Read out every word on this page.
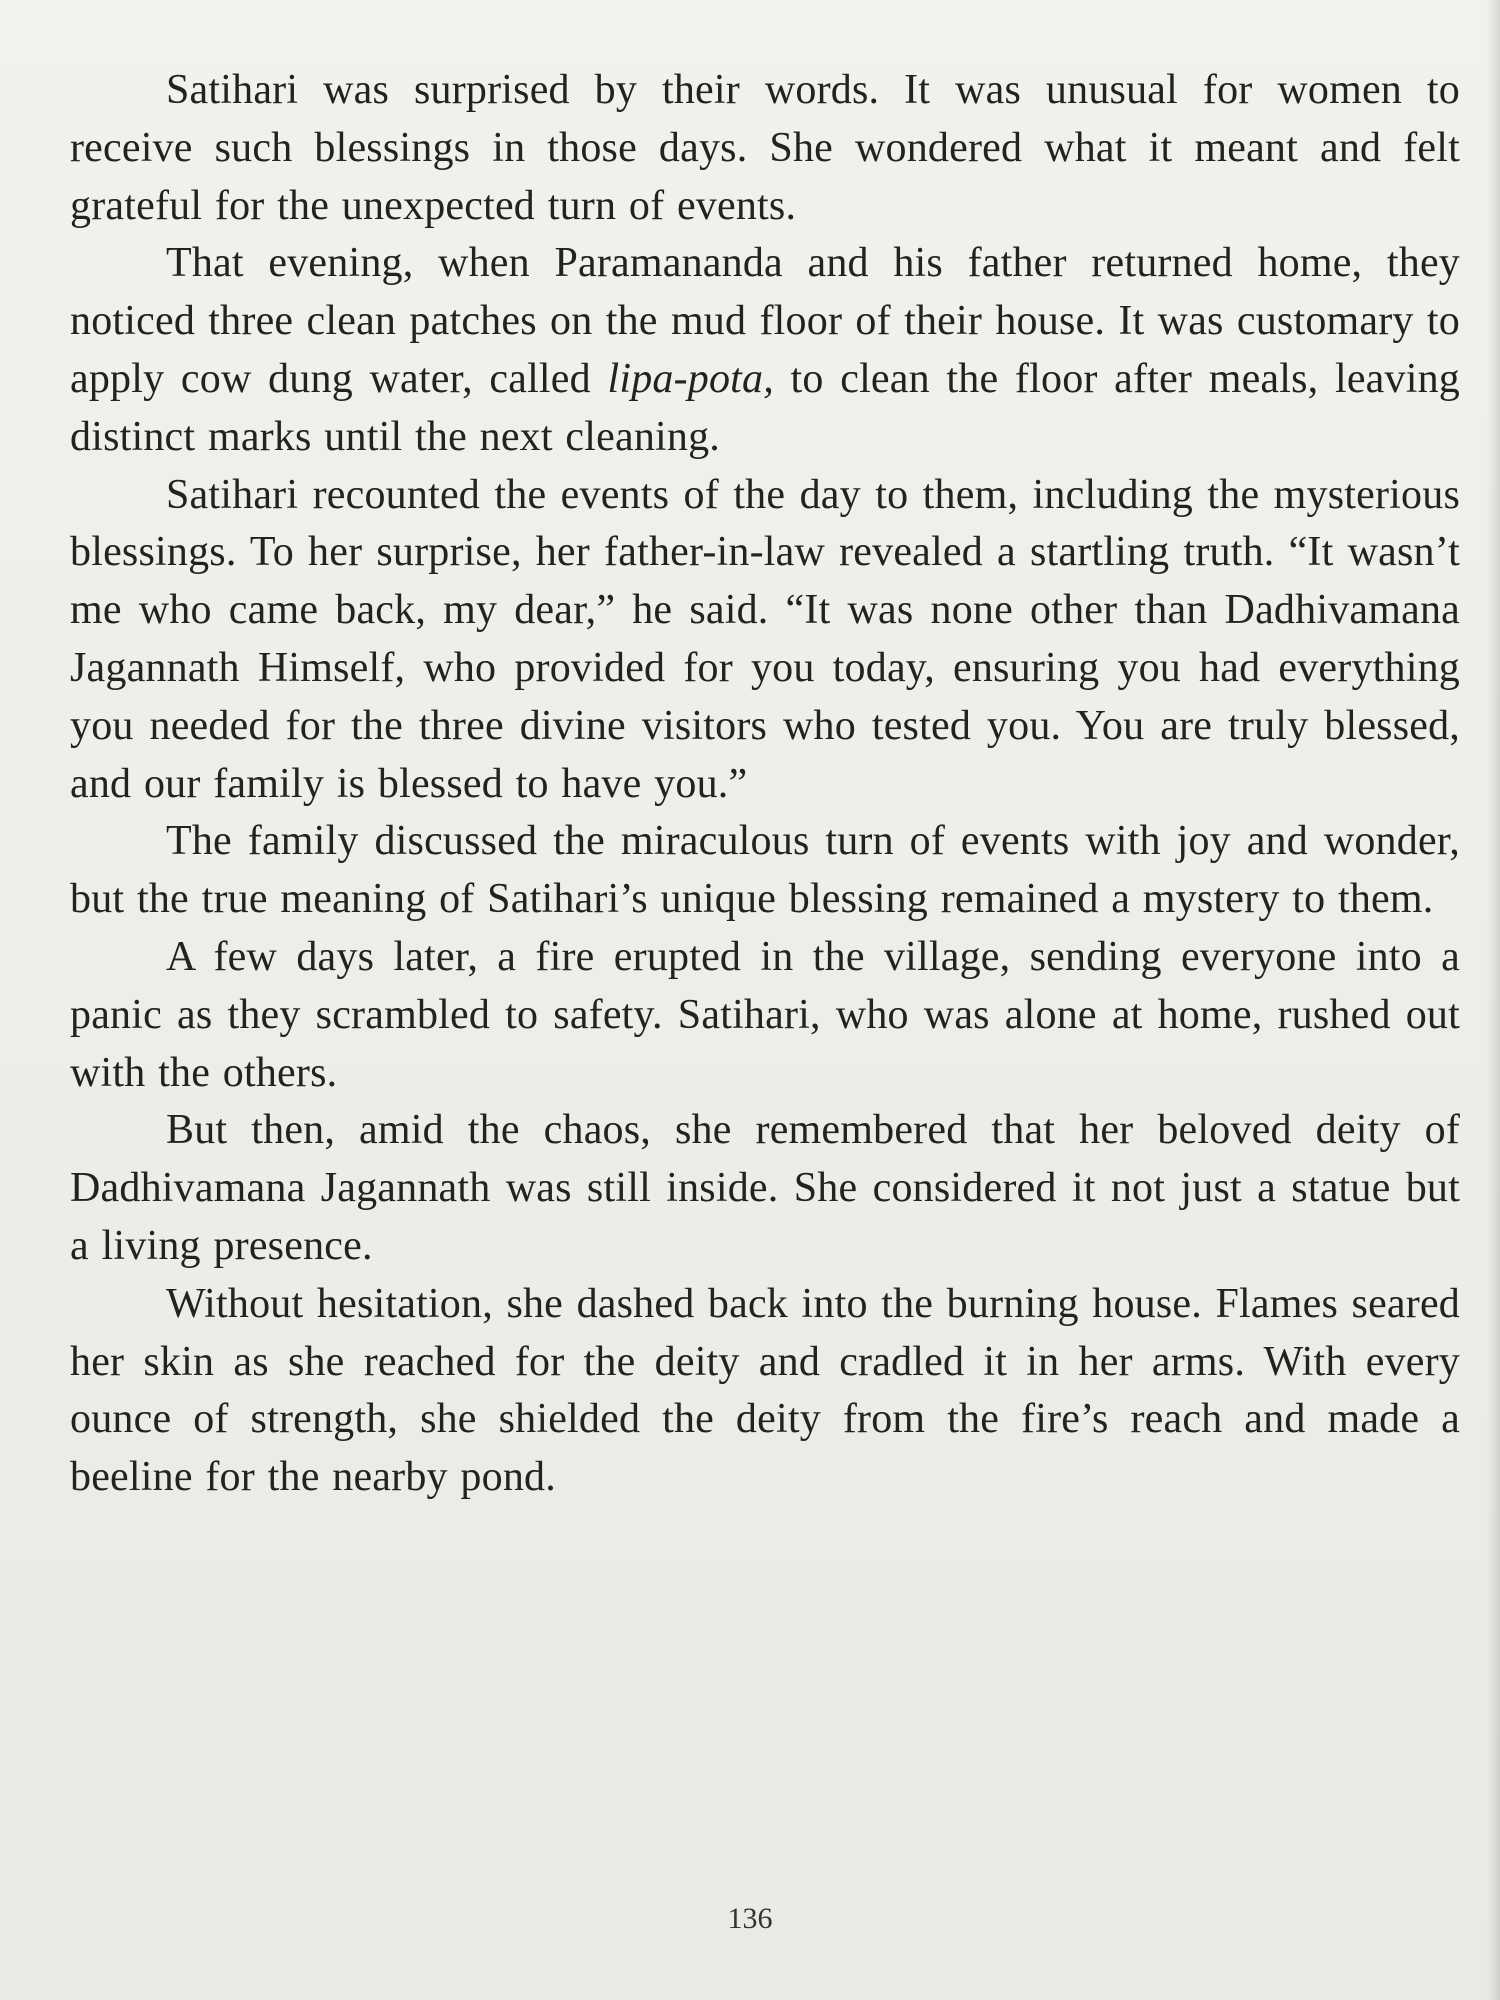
Satihari was surprised by their words. It was unusual for women to receive such blessings in those days. She wondered what it meant and felt grateful for the unexpected turn of events.

That evening, when Paramananda and his father returned home, they noticed three clean patches on the mud floor of their house. It was customary to apply cow dung water, called lipa-pota, to clean the floor after meals, leaving distinct marks until the next cleaning.

Satihari recounted the events of the day to them, including the mysterious blessings. To her surprise, her father-in-law revealed a startling truth. “It wasn’t me who came back, my dear,” he said. “It was none other than Dadhivamana Jagannath Himself, who provided for you today, ensuring you had everything you needed for the three divine visitors who tested you. You are truly blessed, and our family is blessed to have you.”

The family discussed the miraculous turn of events with joy and wonder, but the true meaning of Satihari’s unique blessing remained a mystery to them.

A few days later, a fire erupted in the village, sending everyone into a panic as they scrambled to safety. Satihari, who was alone at home, rushed out with the others.

But then, amid the chaos, she remembered that her beloved deity of Dadhivamana Jagannath was still inside. She considered it not just a statue but a living presence.

Without hesitation, she dashed back into the burning house. Flames seared her skin as she reached for the deity and cradled it in her arms. With every ounce of strength, she shielded the deity from the fire’s reach and made a beeline for the nearby pond.

136
